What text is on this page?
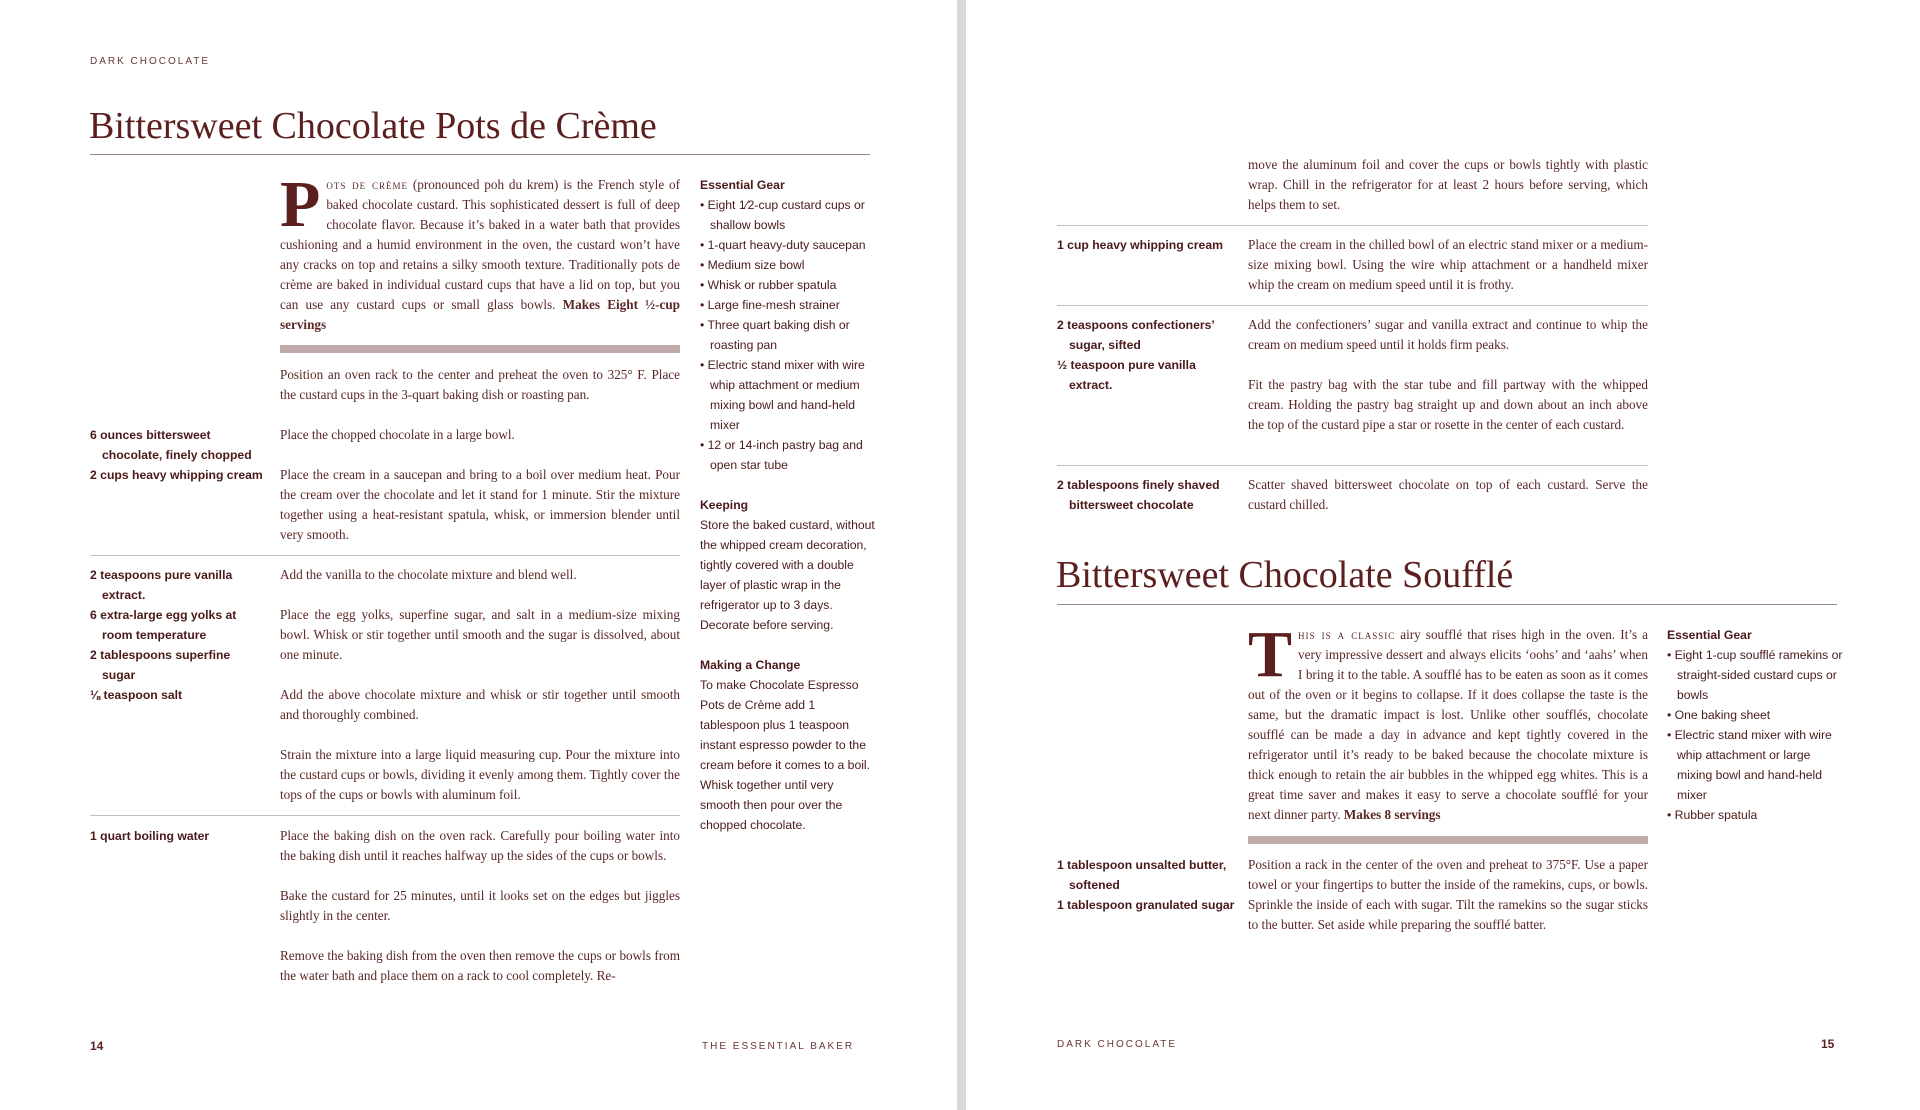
DARK CHOCOLATE
Bittersweet Chocolate Pots de Crème

Pots de crème (pronounced poh du krem) is the French style of baked chocolate custard. This sophisticated dessert is full of deep chocolate flavor. Because it’s baked in a water bath that provides cushioning and a humid environment in the oven, the custard won’t have any cracks on top and retains a silky smooth texture. Traditionally pots de crème are baked in individual custard cups that have a lid on top, but you can use any custard cups or small glass bowls. Makes Eight ½-cup servings

Position an oven rack to the center and preheat the oven to 325° F. Place the custard cups in the 3-quart baking dish or roasting pan.

Place the chopped chocolate in a large bowl.

Place the cream in a saucepan and bring to a boil over medium heat. Pour the cream over the chocolate and let it stand for 1 minute. Stir the mixture together using a heat-resistant spatula, whisk, or immersion blender until very smooth.

6 ounces bittersweet chocolate, finely chopped

2 cups heavy whipping cream

Add the vanilla to the chocolate mixture and blend well.

Place the egg yolks, superfine sugar, and salt in a medium-size mixing bowl. Whisk or stir together until smooth and the sugar is dissolved, about one minute.

Add the above chocolate mixture and whisk or stir together until smooth and thoroughly combined.

Strain the mixture into a large liquid measuring cup. Pour the mixture into the custard cups or bowls, dividing it evenly among them. Tightly cover the tops of the cups or bowls with aluminum foil.

2 teaspoons pure vanilla extract.

6 extra-large egg yolks at room temperature

2 tablespoons superfine sugar

⅛ teaspoon salt

Place the baking dish on the oven rack. Carefully pour boiling water into the baking dish until it reaches halfway up the sides of the cups or bowls.

Bake the custard for 25 minutes, until it looks set on the edges but jiggles slightly in the center.

Remove the baking dish from the oven then remove the cups or bowls from the water bath and place them on a rack to cool completely. Re-

1 quart boiling water

Essential Gear

• Eight 1⁄2-cup custard cups or shallow bowls
• 1-quart heavy-duty saucepan
• Medium size bowl
• Whisk or rubber spatula
• Large fine-mesh strainer
• Three quart baking dish or roasting pan
• Electric stand mixer with wire whip attachment or medium mixing bowl and hand-held mixer
• 12 or 14-inch pastry bag and open star tube

Keeping

Store the baked custard, without the whipped cream decoration, tightly covered with a double layer of plastic wrap in the refrigerator up to 3 days. Decorate before serving.

Making a Change

To make Chocolate Espresso Pots de Crème add 1 tablespoon plus 1 teaspoon instant espresso powder to the cream before it comes to a boil. Whisk together until very smooth then pour over the chopped chocolate.

14	THE ESSENTIAL BAKER

move the aluminum foil and cover the cups or bowls tightly with plastic wrap. Chill in the refrigerator for at least 2 hours before serving, which helps them to set.

Place the cream in the chilled bowl of an electric stand mixer or a medium-size mixing bowl. Using the wire whip attachment or a handheld mixer whip the cream on medium speed until it is frothy.

1 cup heavy whipping cream

Add the confectioners’ sugar and vanilla extract and continue to whip the cream on medium speed until it holds firm peaks.

Fit the pastry bag with the star tube and fill partway with the whipped cream. Holding the pastry bag straight up and down about an inch above the top of the custard pipe a star or rosette in the center of each custard.

2 teaspoons confectioners’ sugar, sifted

½ teaspoon pure vanilla extract.

Scatter shaved bittersweet chocolate on top of each custard. Serve the custard chilled.

2 tablespoons finely shaved bittersweet chocolate

Bittersweet Chocolate Soufflé

This is a classic airy soufflé that rises high in the oven. It’s a very impressive dessert and always elicits ‘oohs’ and ‘aahs’ when I bring it to the table. A soufflé has to be eaten as soon as it comes out of the oven or it begins to collapse. If it does collapse the taste is the same, but the dramatic impact is lost. Unlike other soufflés, chocolate soufflé can be made a day in advance and kept tightly covered in the refrigerator until it’s ready to be baked because the chocolate mixture is thick enough to retain the air bubbles in the whipped egg whites. This is a great time saver and makes it easy to serve a chocolate soufflé for your next dinner party. Makes 8 servings

Position a rack in the center of the oven and preheat to 375°F. Use a paper towel or your fingertips to butter the inside of the ramekins, cups, or bowls. Sprinkle the inside of each with sugar. Tilt the ramekins so the sugar sticks to the butter. Set aside while preparing the soufflé batter.

1 tablespoon unsalted butter, softened

1 tablespoon granulated sugar

Essential Gear

• Eight 1-cup soufflé ramekins or straight-sided custard cups or bowls
• One baking sheet
• Electric stand mixer with wire whip attachment or large mixing bowl and hand-held mixer
• Rubber spatula
DARK CHOCOLATE	15
